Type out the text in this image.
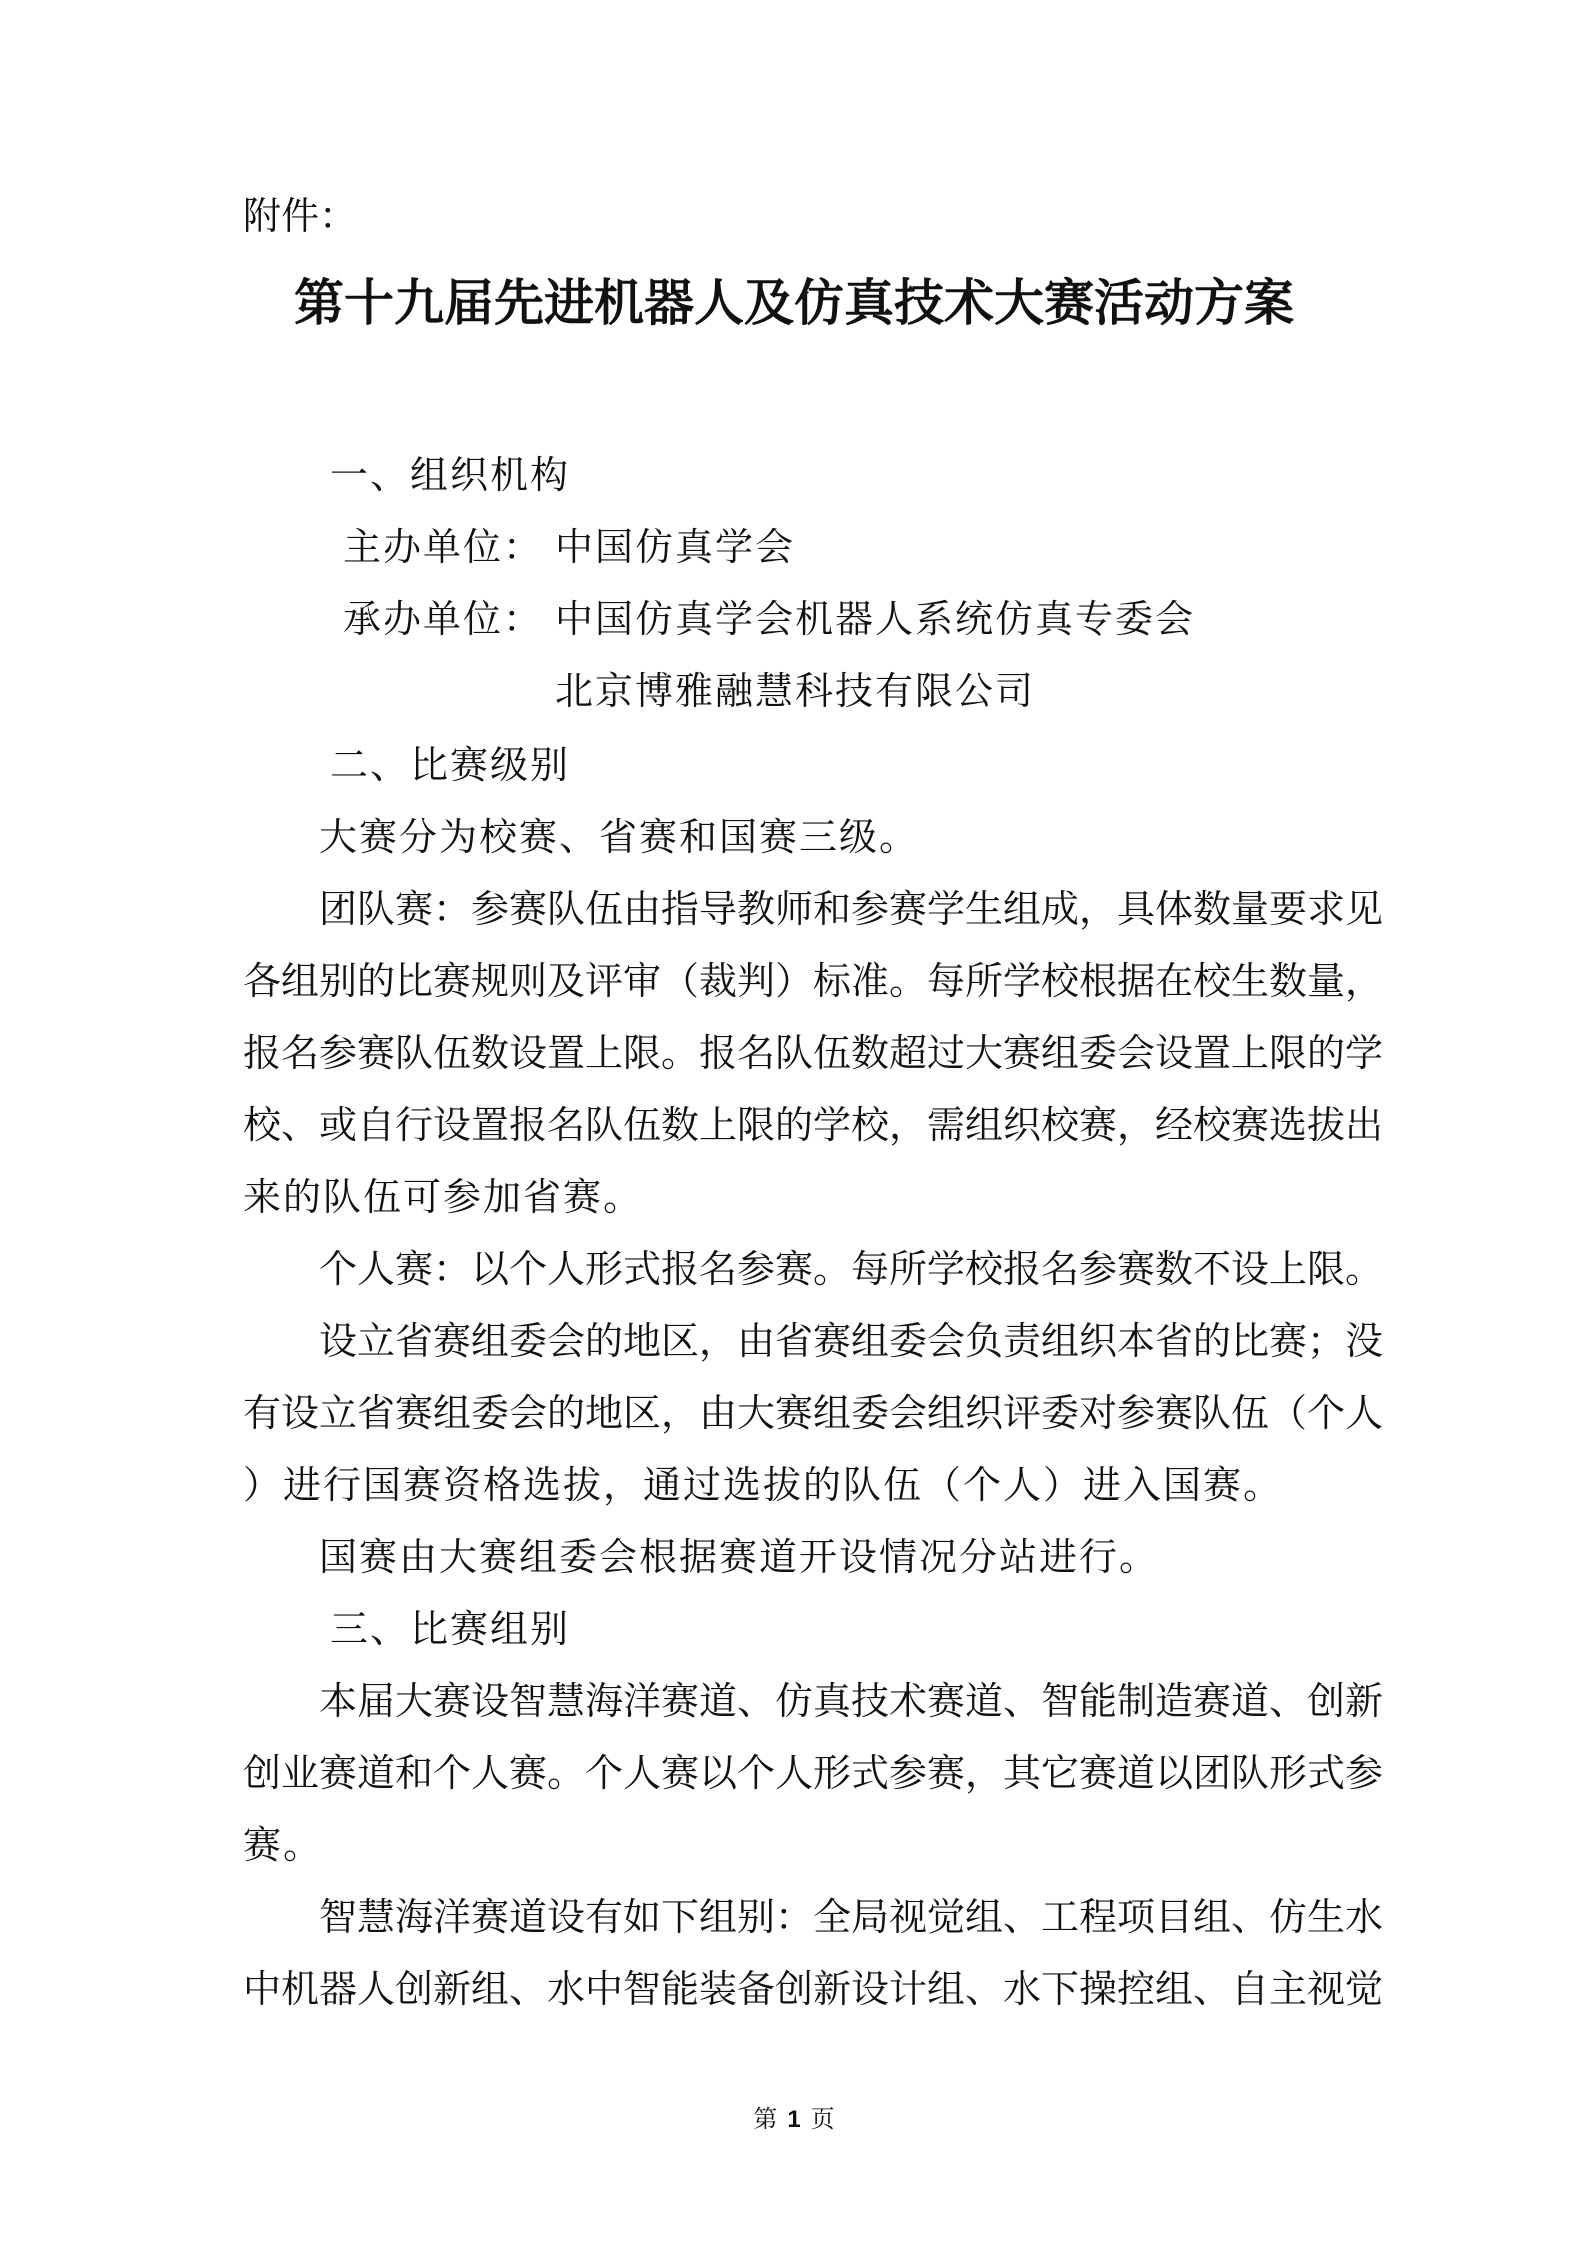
附件：
第十九届先进机器人及仿真技术大赛活动方案
一、组织机构
主办单位： 中国仿真学会
承办单位： 中国仿真学会机器人系统仿真专委会
北京博雅融慧科技有限公司
二、比赛级别
大赛分为校赛、省赛和国赛三级。
团队赛：参赛队伍由指导教师和参赛学生组成，具体数量要求见
各组别的比赛规则及评审（裁判）标准。每所学校根据在校生数量，
报名参赛队伍数设置上限。报名队伍数超过大赛组委会设置上限的学
校、或自行设置报名队伍数上限的学校，需组织校赛，经校赛选拔出
来的队伍可参加省赛。
个人赛：以个人形式报名参赛。每所学校报名参赛数不设上限。
设立省赛组委会的地区，由省赛组委会负责组织本省的比赛；没
有设立省赛组委会的地区，由大赛组委会组织评委对参赛队伍（个人
）进行国赛资格选拔，通过选拔的队伍（个人）进入国赛。
国赛由大赛组委会根据赛道开设情况分站进行。
三、比赛组别
本届大赛设智慧海洋赛道、仿真技术赛道、智能制造赛道、创新
创业赛道和个人赛。个人赛以个人形式参赛，其它赛道以团队形式参
赛。
智慧海洋赛道设有如下组别：全局视觉组、工程项目组、仿生水
中机器人创新组、水中智能装备创新设计组、水下操控组、自主视觉
第 1 页
